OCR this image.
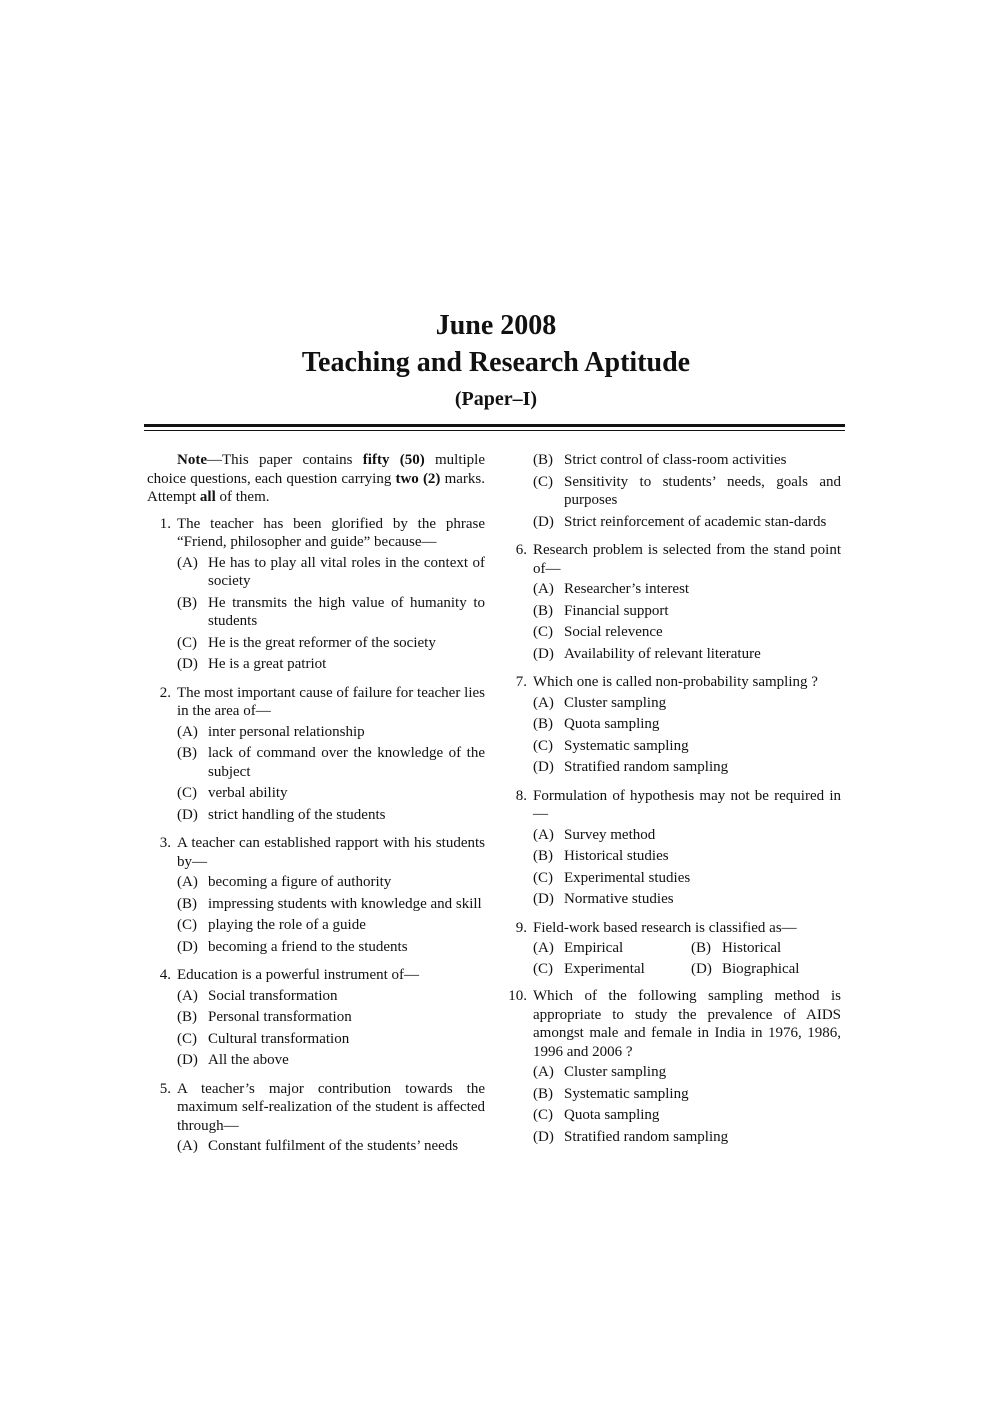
June 2008
Teaching and Research Aptitude
(Paper–I)
Note—This paper contains fifty (50) multiple choice questions, each question carrying two (2) marks. Attempt all of them.
1. The teacher has been glorified by the phrase “Friend, philosopher and guide” because—
(A) He has to play all vital roles in the context of society
(B) He transmits the high value of humanity to students
(C) He is the great reformer of the society
(D) He is a great patriot
2. The most important cause of failure for teacher lies in the area of—
(A) inter personal relationship
(B) lack of command over the knowledge of the subject
(C) verbal ability
(D) strict handling of the students
3. A teacher can established rapport with his students by—
(A) becoming a figure of authority
(B) impressing students with knowledge and skill
(C) playing the role of a guide
(D) becoming a friend to the students
4. Education is a powerful instrument of—
(A) Social transformation
(B) Personal transformation
(C) Cultural transformation
(D) All the above
5. A teacher’s major contribution towards the maximum self-realization of the student is affected through—
(A) Constant fulfilment of the students’ needs
(B) Strict control of class-room activities
(C) Sensitivity to students’ needs, goals and purposes
(D) Strict reinforcement of academic stan-dards
6. Research problem is selected from the stand point of—
(A) Researcher’s interest
(B) Financial support
(C) Social relevence
(D) Availability of relevant literature
7. Which one is called non-probability sampling ?
(A) Cluster sampling
(B) Quota sampling
(C) Systematic sampling
(D) Stratified random sampling
8. Formulation of hypothesis may not be required in—
(A) Survey method
(B) Historical studies
(C) Experimental studies
(D) Normative studies
9. Field-work based research is classified as—
(A) Empirical	(B) Historical
(C) Experimental	(D) Biographical
10. Which of the following sampling method is appropriate to study the prevalence of AIDS amongst male and female in India in 1976, 1986, 1996 and 2006 ?
(A) Cluster sampling
(B) Systematic sampling
(C) Quota sampling
(D) Stratified random sampling
